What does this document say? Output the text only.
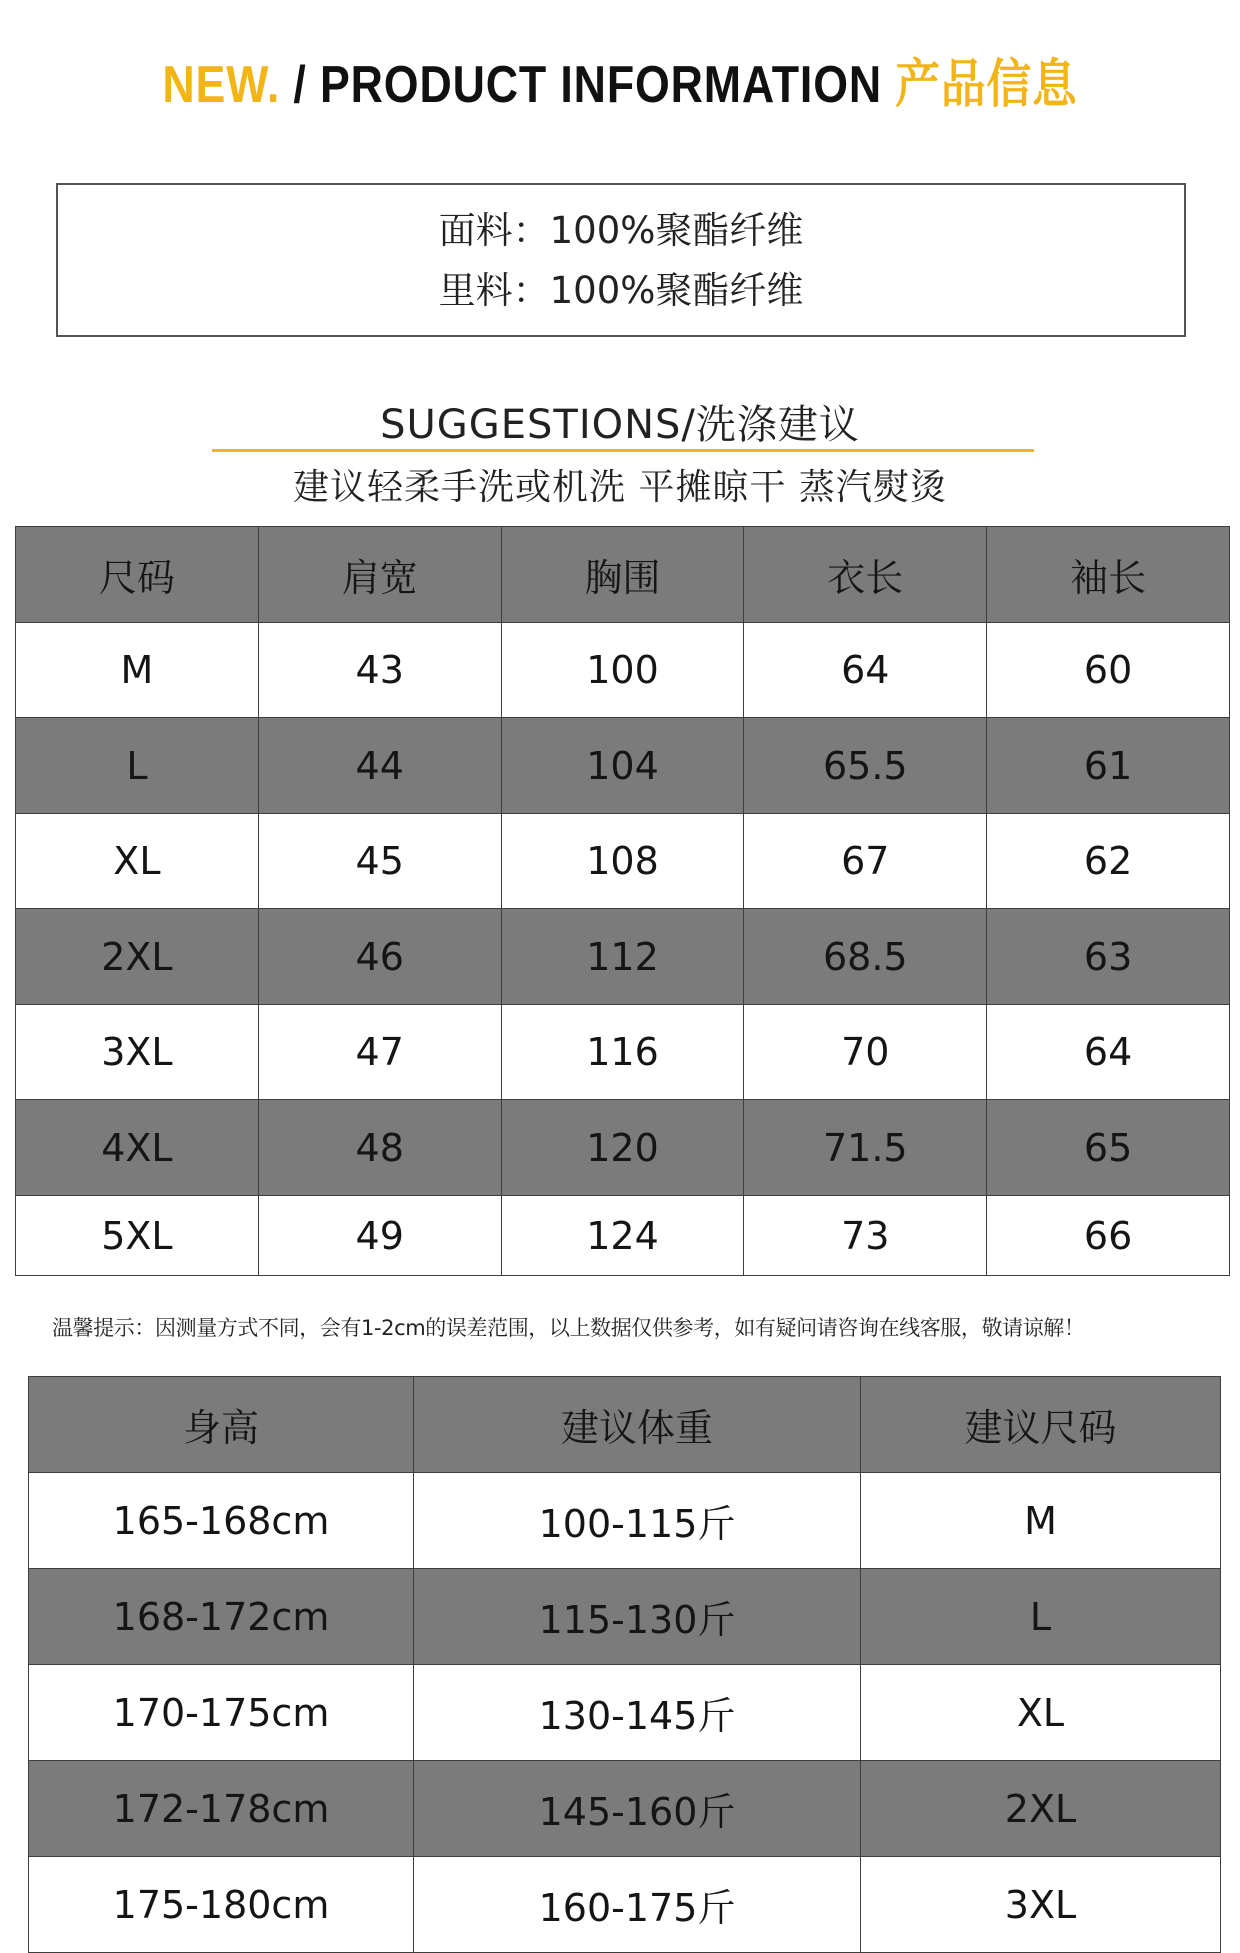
NEW. / PRODUCT INFORMATION 产品信息
面料：100%聚酯纤维
里料：100%聚酯纤维
SUGGESTIONS/洗涤建议
建议轻柔手洗或机洗 平摊晾干 蒸汽熨烫
尺码	肩宽	胸围	衣长	袖长
M	43	100	64	60
L	44	104	65.5	61
XL	45	108	67	62
2XL	46	112	68.5	63
3XL	47	116	70	64
4XL	48	120	71.5	65
5XL	49	124	73	66
温馨提示：因测量方式不同，会有1-2cm的误差范围，以上数据仅供参考，如有疑问请咨询在线客服，敬请谅解！
身高	建议体重	建议尺码
165-168cm	100-115斤	M
168-172cm	115-130斤	L
170-175cm	130-145斤	XL
172-178cm	145-160斤	2XL
175-180cm	160-175斤	3XL
